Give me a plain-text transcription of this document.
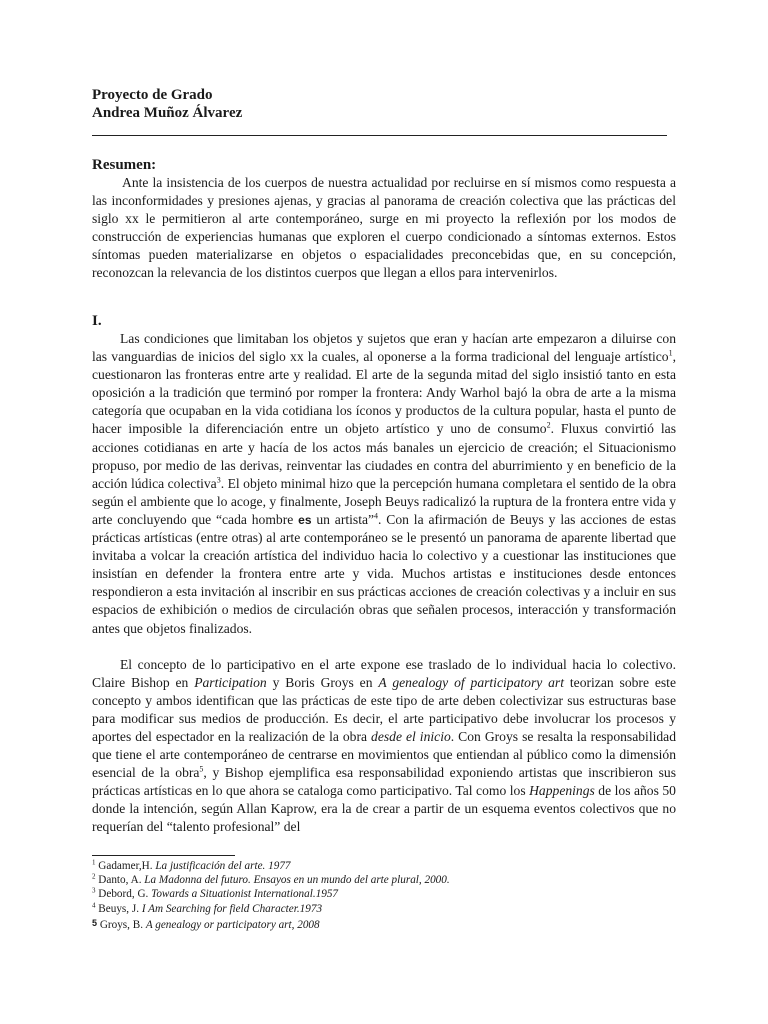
Proyecto de Grado
Andrea Muñoz Álvarez
Resumen:

Ante la insistencia de los cuerpos de nuestra actualidad por recluirse en sí mismos como respuesta a las inconformidades y presiones ajenas, y gracias al panorama de creación colectiva que las prácticas del siglo xx le permitieron al arte contemporáneo, surge en mi proyecto la reflexión por los modos de construcción de experiencias humanas que exploren el cuerpo condicionado a síntomas externos. Estos síntomas pueden materializarse en objetos o espacialidades preconcebidas que, en su concepción, reconozcan la relevancia de los distintos cuerpos que llegan a ellos para intervenirlos.

I.

Las condiciones que limitaban los objetos y sujetos que eran y hacían arte empezaron a diluirse con las vanguardias de inicios del siglo xx la cuales, al oponerse a la forma tradicional del lenguaje artístico$^1$, cuestionaron las fronteras entre arte y realidad. El arte de la segunda mitad del siglo insistió tanto en esta oposición a la tradición que terminó por romper la frontera: Andy Warhol bajó la obra de arte a la misma categoría que ocupaban en la vida cotidiana los íconos y productos de la cultura popular, hasta el punto de hacer imposible la diferenciación entre un objeto artístico y uno de consumo$^2$. Fluxus convirtió las acciones cotidianas en arte y hacía de los actos más banales un ejercicio de creación; el Situacionismo propuso, por medio de las derivas, reinventar las ciudades en contra del aburrimiento y en beneficio de la acción lúdica colectiva$^3$. El objeto minimal hizo que la percepción humana completara el sentido de la obra según el ambiente que lo acoge, y finalmente, Joseph Beuys radicalizó la ruptura de la frontera entre vida y arte concluyendo que “cada hombre es un artista”$^4$. Con la afirmación de Beuys y las acciones de estas prácticas artísticas (entre otras) al arte contemporáneo se le presentó un panorama de aparente libertad que invitaba a volcar la creación artística del individuo hacia lo colectivo y a cuestionar las instituciones que insistían en defender la frontera entre arte y vida. Muchos artistas e instituciones desde entonces respondieron a esta invitación al inscribir en sus prácticas acciones de creación colectivas y a incluir en sus espacios de exhibición o medios de circulación obras que señalen procesos, interacción y transformación antes que objetos finalizados.

El concepto de lo participativo en el arte expone ese traslado de lo individual hacia lo colectivo. Claire Bishop en Participation y Boris Groys en A genealogy of participatory art teorizan sobre este concepto y ambos identifican que las prácticas de este tipo de arte deben colectivizar sus estructuras base para modificar sus medios de producción. Es decir, el arte participativo debe involucrar los procesos y aportes del espectador en la realización de la obra desde el inicio. Con Groys se resalta la responsabilidad que tiene el arte contemporáneo de centrarse en movimientos que entiendan al público como la dimensión esencial de la obra$^5$, y Bishop ejemplifica esa responsabilidad exponiendo artistas que inscribieron sus prácticas artísticas en lo que ahora se cataloga como participativo. Tal como los Happenings de los años 50 donde la intención, según Allan Kaprow, era la de crear a partir de un esquema eventos colectivos que no requerían del “talento profesional” del

$^1$ Gadamer,H. La justificación del arte. 1977
$^2$ Danto, A. La Madonna del futuro. Ensayos en un mundo del arte plural, 2000.
$^3$ Debord, G. Towards a Situationist International.1957
$^4$ Beuys, J. I Am Searching for field Character.1973
5 Groys, B. A genealogy or participatory art, 2008
